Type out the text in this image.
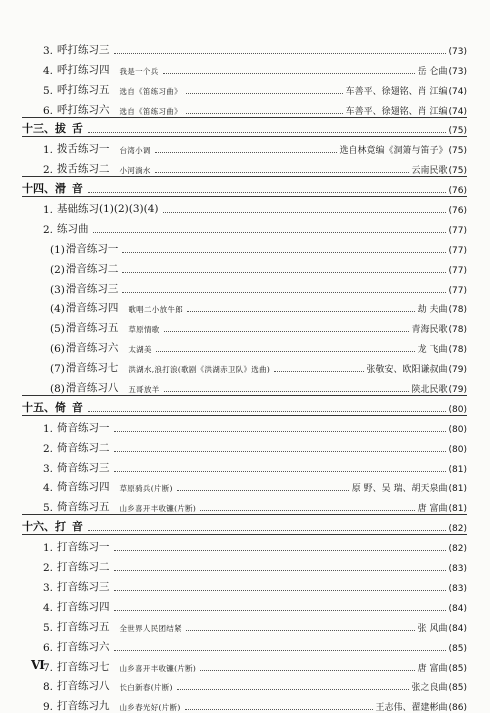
3. 呼打练习三	(73)
4. 呼打练习四 我是一个兵	岳 仑曲 (73)
5. 呼打练习五 选自《笛练习曲》	车善平、徐翅铭、肖 江编 (74)
6. 呼打练习六 选自《笛练习曲》	车善平、徐翅铭、肖 江编 (74)
十三、 拔 舌	(75)
1. 拨舌练习一 台湾小调	选自林竟编《洞箫与笛子》 (75)
2. 拨舌练习二 小河淌水	云南民歌 (75)
十四、 滑 音	(76)
1. 基础练习(1)(2)(3)(4)	(76)
2. 练习曲	(77)
(1) 滑音练习一	(77)
(2) 滑音练习二	(77)
(3) 滑音练习三	(77)
(4) 滑音练习四 歌唱二小放牛郎	劫 夫曲 (78)
(5) 滑音练习五 草原情歌	青海民歌 (78)
(6) 滑音练习六 太湖美	龙 飞曲 (78)
(7) 滑音练习七 洪湖水,浪打浪(歌剧《洪湖赤卫队》选曲)	张敬安、欧阳谦叔曲 (79)
(8) 滑音练习八 五哥放羊	陕北民歌 (79)
十五、 倚 音	(80)
1. 倚音练习一	(80)
2. 倚音练习二	(80)
3. 倚音练习三	(81)
4. 倚音练习四 草原骑兵(片断)	原 野、吴 瑞、胡天泉曲 (81)
5. 倚音练习五 山乡喜开丰收镰(片断)	唐 富曲 (81)
十六、 打 音	(82)
1. 打音练习一	(82)
2. 打音练习二	(83)
3. 打音练习三	(83)
4. 打音练习四	(84)
5. 打音练习五 全世界人民团结紧	张 风曲 (84)
6. 打音练习六	(85)
7. 打音练习七 山乡喜开丰收镰(片断)	唐 富曲 (85)
8. 打音练习八 长白新春(片断)	张之良曲 (85)
9. 打音练习九 山乡春光好(片断)	王志伟、翟建彬曲 (86)
Ⅵ
